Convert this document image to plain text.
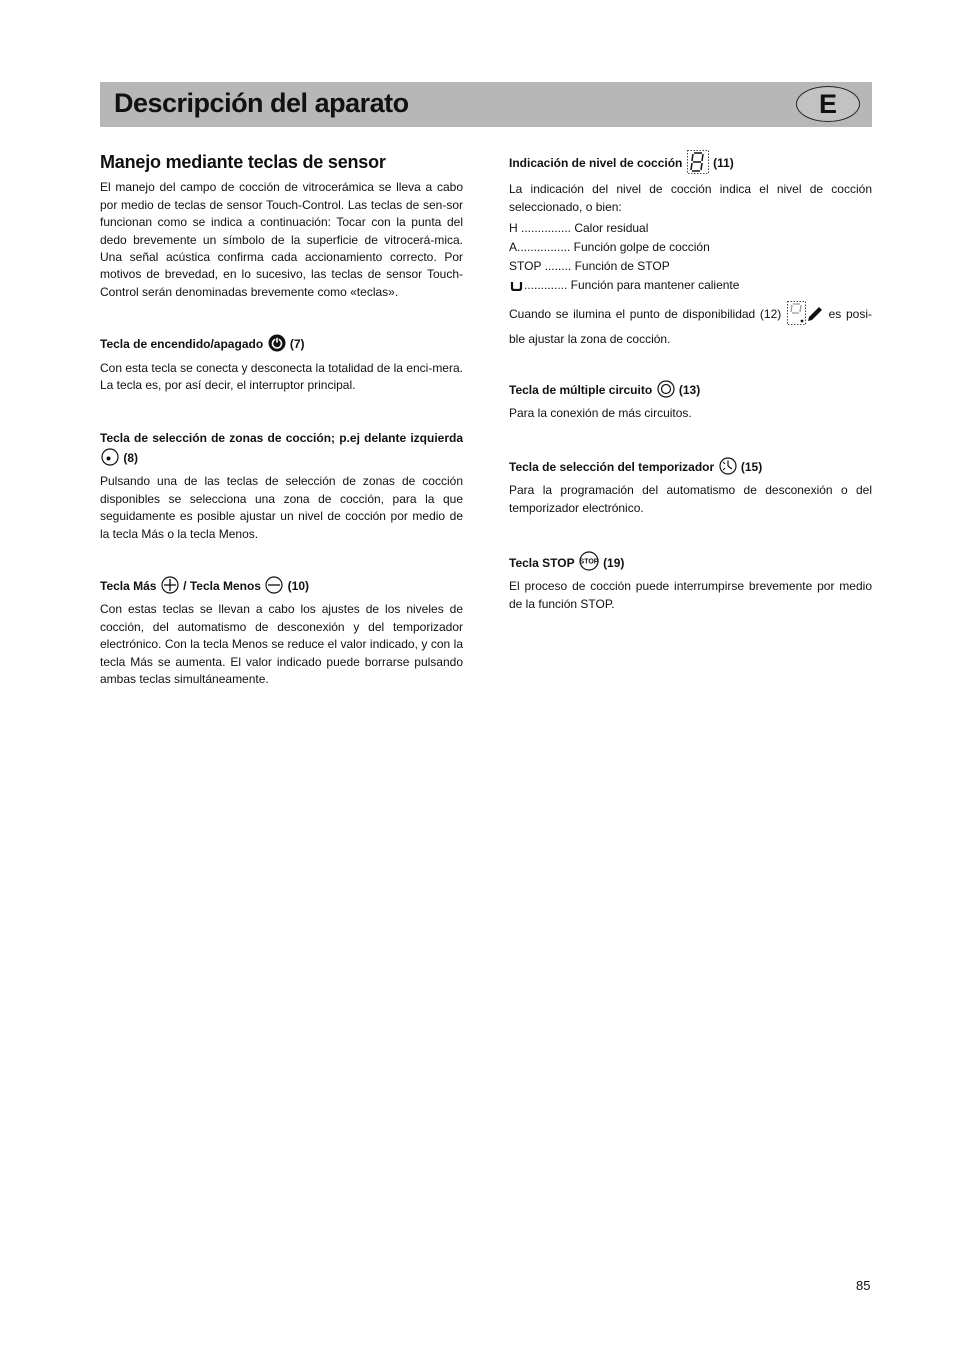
Descripción del aparato	E
Manejo mediante teclas de sensor

El manejo del campo de cocción de vitrocerámica se lleva a cabo por medio de teclas de sensor Touch-Control. Las teclas de sen-sor funcionan como se indica a continuación: Tocar con la punta del dedo brevemente un símbolo de la superficie de vitrocerá-mica. Una señal acústica confirma cada accionamiento correcto. Por motivos de brevedad, en lo sucesivo, las teclas de sensor Touch-Control serán denominadas brevemente como «teclas».

Tecla de encendido/apagado (7)

Con esta tecla se conecta y desconecta la totalidad de la enci-mera. La tecla es, por así decir, el interruptor principal.

Tecla de selección de zonas de cocción; p.ej delante izquierda  (8)

Pulsando una de las teclas de selección de zonas de cocción disponibles se selecciona una zona de cocción, para la que seguidamente es posible ajustar un nivel de cocción por medio de la tecla Más o la tecla Menos.

Tecla Más / Tecla Menos (10)

Con estas teclas se llevan a cabo los ajustes de los niveles de cocción, del automatismo de desconexión y del temporizador electrónico. Con la tecla Menos se reduce el valor indicado, y con la tecla Más se aumenta. El valor indicado puede borrarse pulsando ambas teclas simultáneamente.

Indicación de nivel de cocción	(11)

La indicación del nivel de cocción indica el nivel de cocción seleccionado, o bien:

H ............... Calor residual
A................ Función golpe de cocción
STOP ........ Función de STOP
............. Función para mantener caliente

Cuando se ilumina el punto de disponibilidad (12)	es posi-ble ajustar la zona de cocción.

Tecla de múltiple circuito (13)

Para la conexión de más circuitos.

Tecla de selección del temporizador (15)

Para la programación del automatismo de desconexión o del temporizador electrónico.

Tecla STOP STOP (19)

El proceso de cocción puede interrumpirse brevemente por medio de la función STOP.

85
